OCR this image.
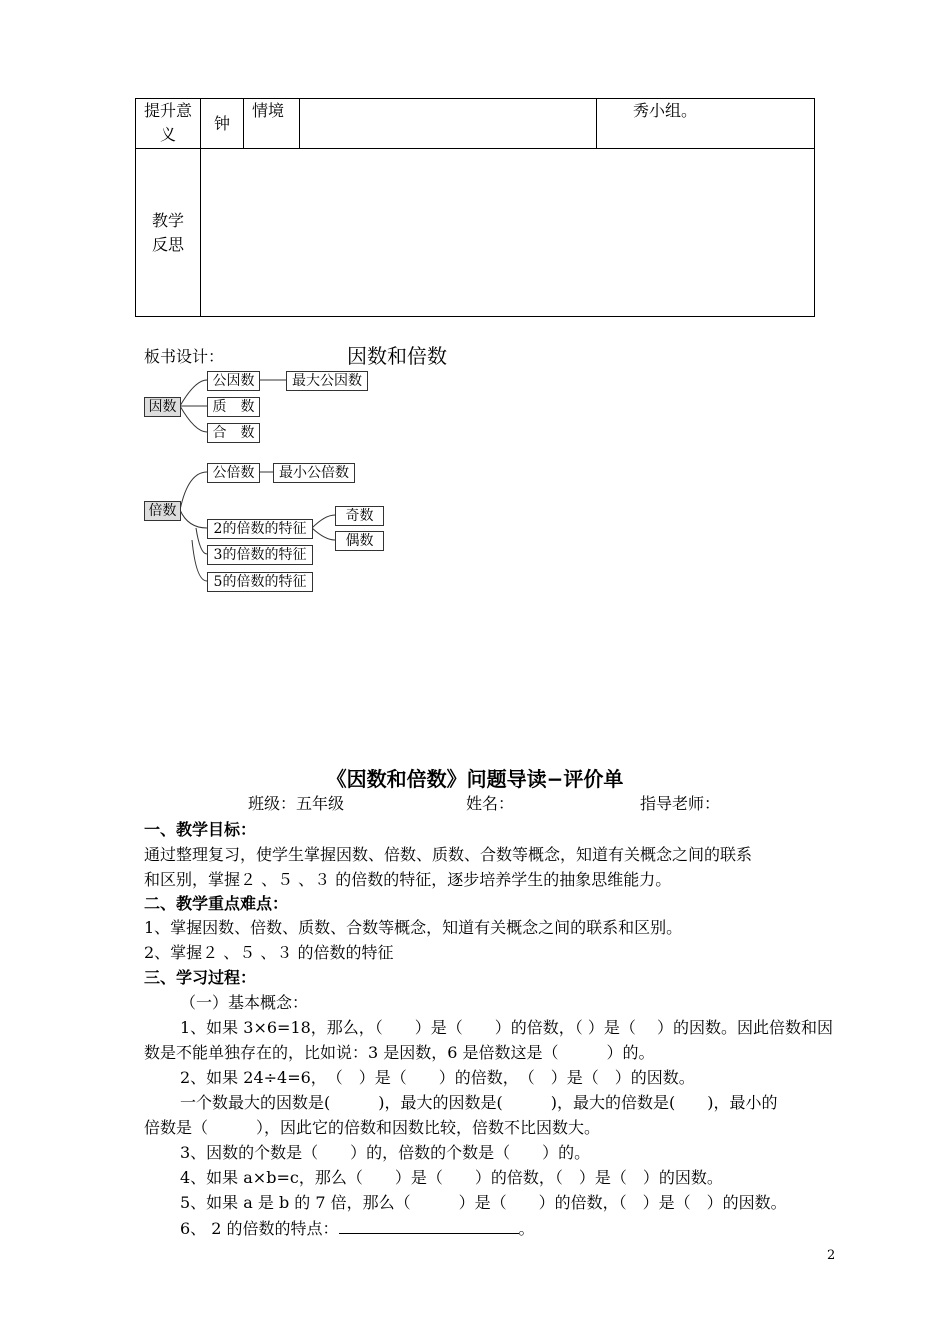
提升意义	钟	情境		秀小组。
教学反思				
板书设计：	因数和倍数
因数
公因数
质　数
合　数
最大公因数
倍数
公倍数	最小公倍数
2的倍数的特征
3的倍数的特征
5的倍数的特征
奇数
偶数
《因数和倍数》问题导读−评价单
班级：五年级	姓名：	指导老师：
一、教学目标：
通过整理复习，使学生掌握因数、倍数、质数、合数等概念，知道有关概念之间的联系
和区别，掌握２ 、５ 、３ 的倍数的特征，逐步培养学生的抽象思维能力。
二、教学重点难点：
1、掌握因数、倍数、质数、合数等概念，知道有关概念之间的联系和区别。
2、掌握２ 、５ 、３ 的倍数的特征
三、学习过程：
（一）基本概念：
1、如果 3×6=18，那么，（　　）是（　　）的倍数，（ ）是（　 ）的因数。因此倍数和因
数是不能单独存在的，比如说：3 是因数，6 是倍数这是（　　　）的。
2、如果 24÷4=6，　（　）是（　　）的倍数，　（　）是（　）的因数。
一个数最大的因数是(　　　)，最大的因数是(　　　)，最大的倍数是(　　)，最小的
倍数是（　　　），因此它的倍数和因数比较，倍数不比因数大。
3、因数的个数是（　　）的，倍数的个数是（　　）的。
4、如果 a×b=c，那么（　　）是（　　）的倍数，（　）是（　）的因数。
5、如果 a 是 b 的 7 倍，那么（　　　）是（　　）的倍数，（　）是（　）的因数。
6、 2 的倍数的特点：	。
2
